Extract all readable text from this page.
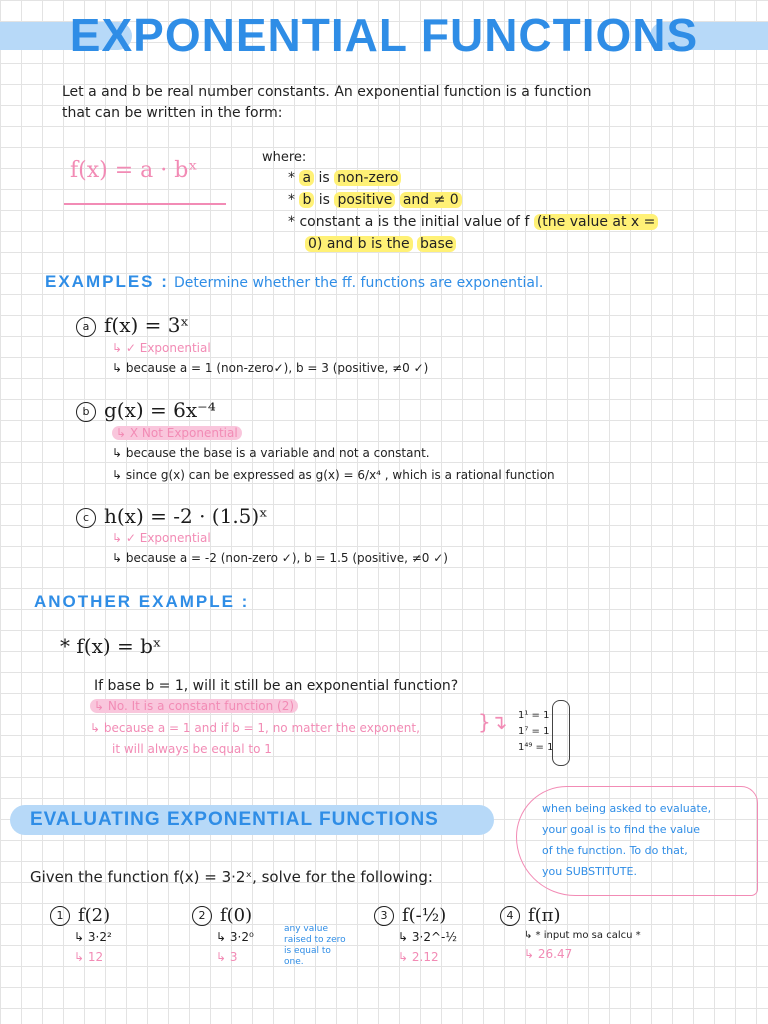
EXPONENTIAL FUNCTIONS
Let a and b be real number constants. An exponential function is a function
that can be written in the form:
f(x) = a · bˣ
where:
* a is non-zero
* b is positive and ≠ 0
* constant a is the initial value of f (the value at x =
0) and b is the base
EXAMPLES : Determine whether the ff. functions are exponential.
a f(x) = 3ˣ
↳ ✓ Exponential
↳ because a = 1 (non-zero✓), b = 3 (positive, ≠0 ✓)
b g(x) = 6x⁻⁴
↳ X Not Exponential
↳ because the base is a variable and not a constant.
↳ since g(x) can be expressed as g(x) = 6/x⁴ , which is a rational function
c h(x) = -2 · (1.5)ˣ
↳ ✓ Exponential
↳ because a = -2 (non-zero ✓), b = 1.5 (positive, ≠0 ✓)
ANOTHER EXAMPLE :
* f(x) = bˣ
If base b = 1, will it still be an exponential function?
↳ No. It is a constant function (2)
↳ because a = 1 and if b = 1, no matter the exponent,
it will always be equal to 1
}↴ 1¹ = 1
1⁷ = 1
1⁴⁹ = 1
EVALUATING EXPONENTIAL FUNCTIONS
when being asked to evaluate,
your goal is to find the value
of the function. To do that,
you SUBSTITUTE.
Given the function f(x) = 3·2ˣ, solve for the following:
1 f(2)
↳ 3·2²
↳ 12
2 f(0)
↳ 3·2⁰
↳ 3
any value raised to zero is equal to one.
3 f(-½)
↳ 3·2^-½
↳ 2.12
4 f(π)
↳ * input mo sa calcu *
↳ 26.47
